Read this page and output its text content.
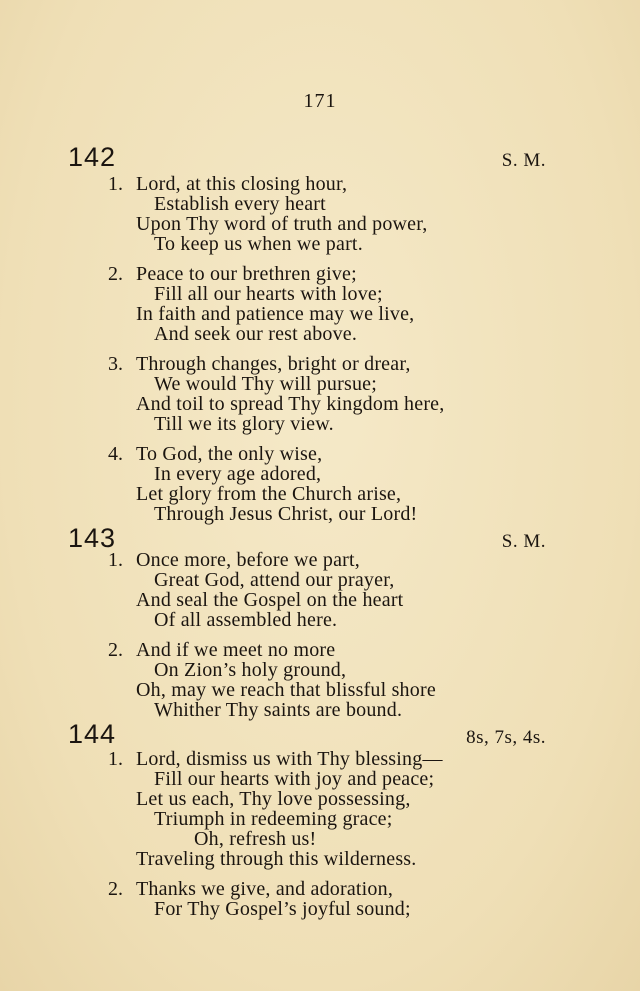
171
142	S. M.
1. Lord, at this closing hour,
Establish every heart
Upon Thy word of truth and power,
To keep us when we part.
2. Peace to our brethren give;
Fill all our hearts with love;
In faith and patience may we live,
And seek our rest above.
3. Through changes, bright or drear,
We would Thy will pursue;
And toil to spread Thy kingdom here,
Till we its glory view.
4. To God, the only wise,
In every age adored,
Let glory from the Church arise,
Through Jesus Christ, our Lord!
143	S. M.
1. Once more, before we part,
Great God, attend our prayer,
And seal the Gospel on the heart
Of all assembled here.
2. And if we meet no more
On Zion’s holy ground,
Oh, may we reach that blissful shore
Whither Thy saints are bound.
144	8s, 7s, 4s.
1. Lord, dismiss us with Thy blessing—
Fill our hearts with joy and peace;
Let us each, Thy love possessing,
Triumph in redeeming grace;
Oh, refresh us!
Traveling through this wilderness.
2. Thanks we give, and adoration,
For Thy Gospel’s joyful sound;
